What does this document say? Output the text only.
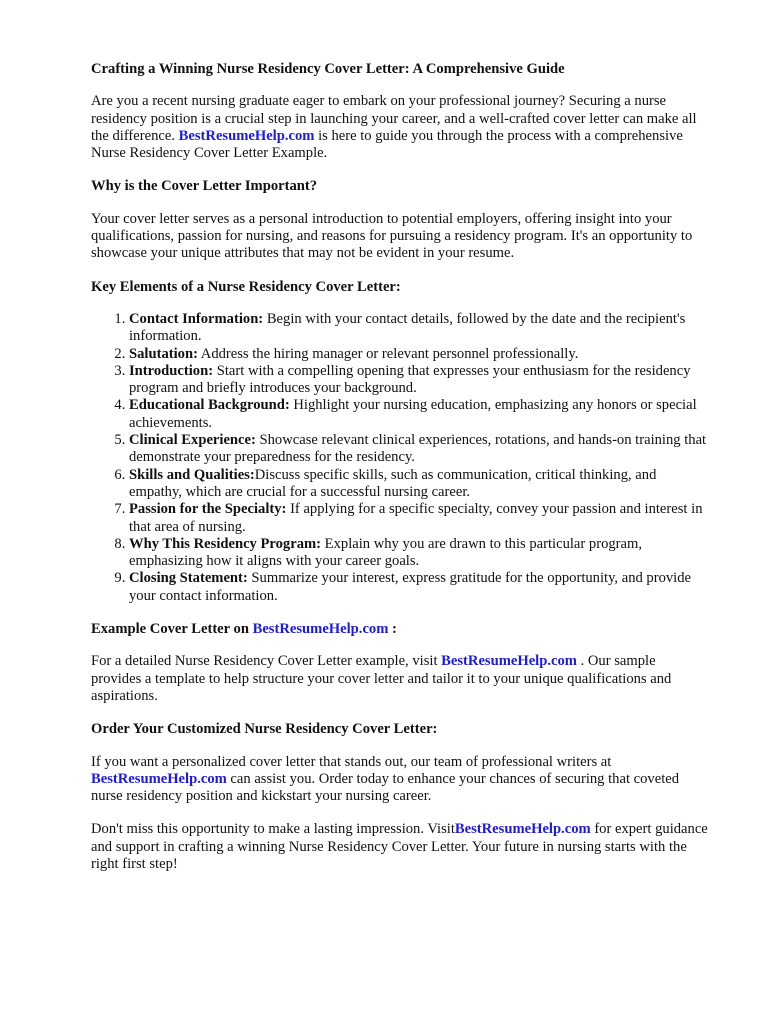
Crafting a Winning Nurse Residency Cover Letter: A Comprehensive Guide

Are you a recent nursing graduate eager to embark on your professional journey? Securing a nurse residency position is a crucial step in launching your career, and a well-crafted cover letter can make all the difference. BestResumeHelp.com is here to guide you through the process with a comprehensive Nurse Residency Cover Letter Example.

Why is the Cover Letter Important?

Your cover letter serves as a personal introduction to potential employers, offering insight into your qualifications, passion for nursing, and reasons for pursuing a residency program. It's an opportunity to showcase your unique attributes that may not be evident in your resume.

Key Elements of a Nurse Residency Cover Letter:
1. Contact Information: Begin with your contact details, followed by the date and the recipient's information.
2. Salutation: Address the hiring manager or relevant personnel professionally.
3. Introduction: Start with a compelling opening that expresses your enthusiasm for the residency program and briefly introduces your background.
4. Educational Background: Highlight your nursing education, emphasizing any honors or special achievements.
5. Clinical Experience: Showcase relevant clinical experiences, rotations, and hands-on training that demonstrate your preparedness for the residency.
6. Skills and Qualities:Discuss specific skills, such as communication, critical thinking, and empathy, which are crucial for a successful nursing career.
7. Passion for the Specialty: If applying for a specific specialty, convey your passion and interest in that area of nursing.
8. Why This Residency Program: Explain why you are drawn to this particular program, emphasizing how it aligns with your career goals.
9. Closing Statement: Summarize your interest, express gratitude for the opportunity, and provide your contact information.
Example Cover Letter on BestResumeHelp.com :

For a detailed Nurse Residency Cover Letter example, visit BestResumeHelp.com . Our sample provides a template to help structure your cover letter and tailor it to your unique qualifications and aspirations.

Order Your Customized Nurse Residency Cover Letter:

If you want a personalized cover letter that stands out, our team of professional writers at BestResumeHelp.com can assist you. Order today to enhance your chances of securing that coveted nurse residency position and kickstart your nursing career.

Don't miss this opportunity to make a lasting impression. VisitBestResumeHelp.com for expert guidance and support in crafting a winning Nurse Residency Cover Letter. Your future in nursing starts with the right first step!
